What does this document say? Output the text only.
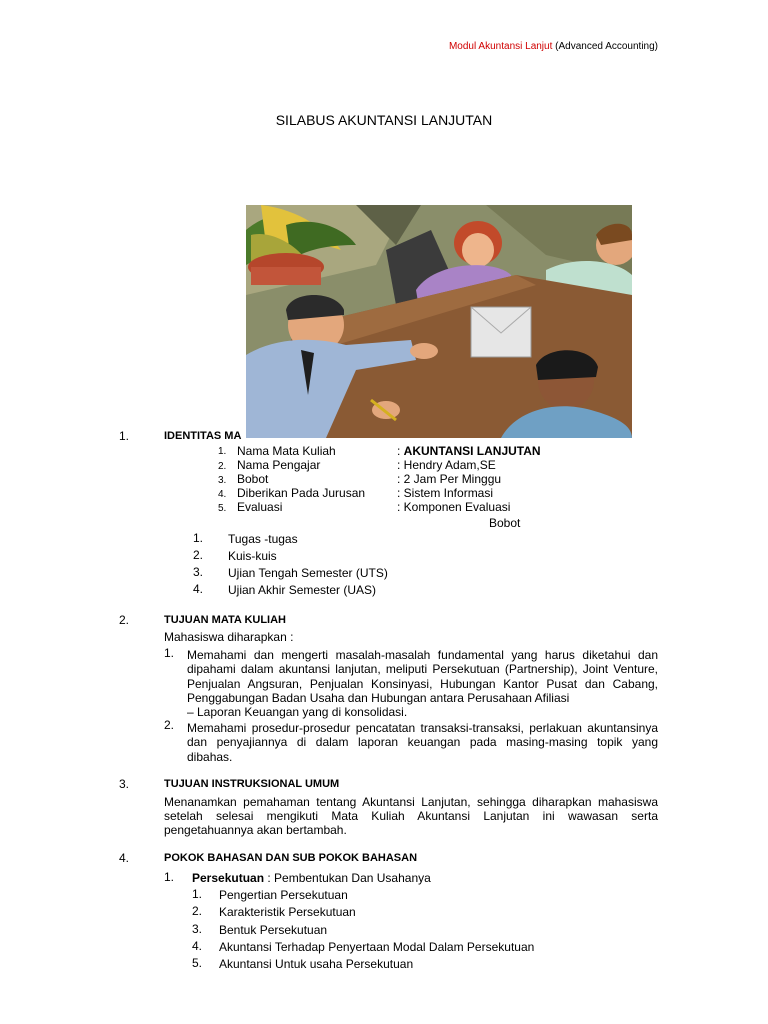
Modul Akuntansi Lanjut (Advanced Accounting)
SILABUS AKUNTANSI LANJUTAN
1.	IDENTITAS MA
1. Nama Mata Kuliah	: AKUNTANSI LANJUTAN
2. Nama Pengajar	: Hendry Adam,SE
3. Bobot	: 2 Jam Per Minggu
4. Diberikan Pada Jurusan	: Sistem Informasi
5. Evaluasi	: Komponen Evaluasi
Bobot
1. Tugas -tugas
2. Kuis-kuis
3. Ujian Tengah Semester (UTS)
4. Ujian Akhir Semester (UAS)
2.	TUJUAN MATA KULIAH
Mahasiswa diharapkan :
1. Memahami dan mengerti masalah-masalah fundamental yang harus diketahui dan
dipahami dalam akuntansi lanjutan, meliputi Persekutuan (Partnership), Joint Venture,
Penjualan Angsuran, Penjualan Konsinyasi, Hubungan Kantor Pusat dan Cabang,
Penggabungan Badan Usaha dan Hubungan antara Perusahaan Afiliasi
– Laporan Keuangan yang di konsolidasi.
2. Memahami prosedur-prosedur pencatatan transaksi-transaksi, perlakuan akuntansinya
dan penyajiannya di dalam laporan keuangan pada masing-masing topik yang
dibahas.
3.	TUJUAN INSTRUKSIONAL UMUM
Menanamkan pemahaman tentang Akuntansi Lanjutan, sehingga diharapkan mahasiswa
setelah selesai mengikuti Mata Kuliah Akuntansi Lanjutan ini wawasan serta
pengetahuannya akan bertambah.
4.	POKOK BAHASAN DAN SUB POKOK BAHASAN
1. Persekutuan : Pembentukan Dan Usahanya
1. Pengertian Persekutuan
2. Karakteristik Persekutuan
3. Bentuk Persekutuan
4. Akuntansi Terhadap Penyertaan Modal Dalam Persekutuan
5. Akuntansi Untuk usaha Persekutuan
